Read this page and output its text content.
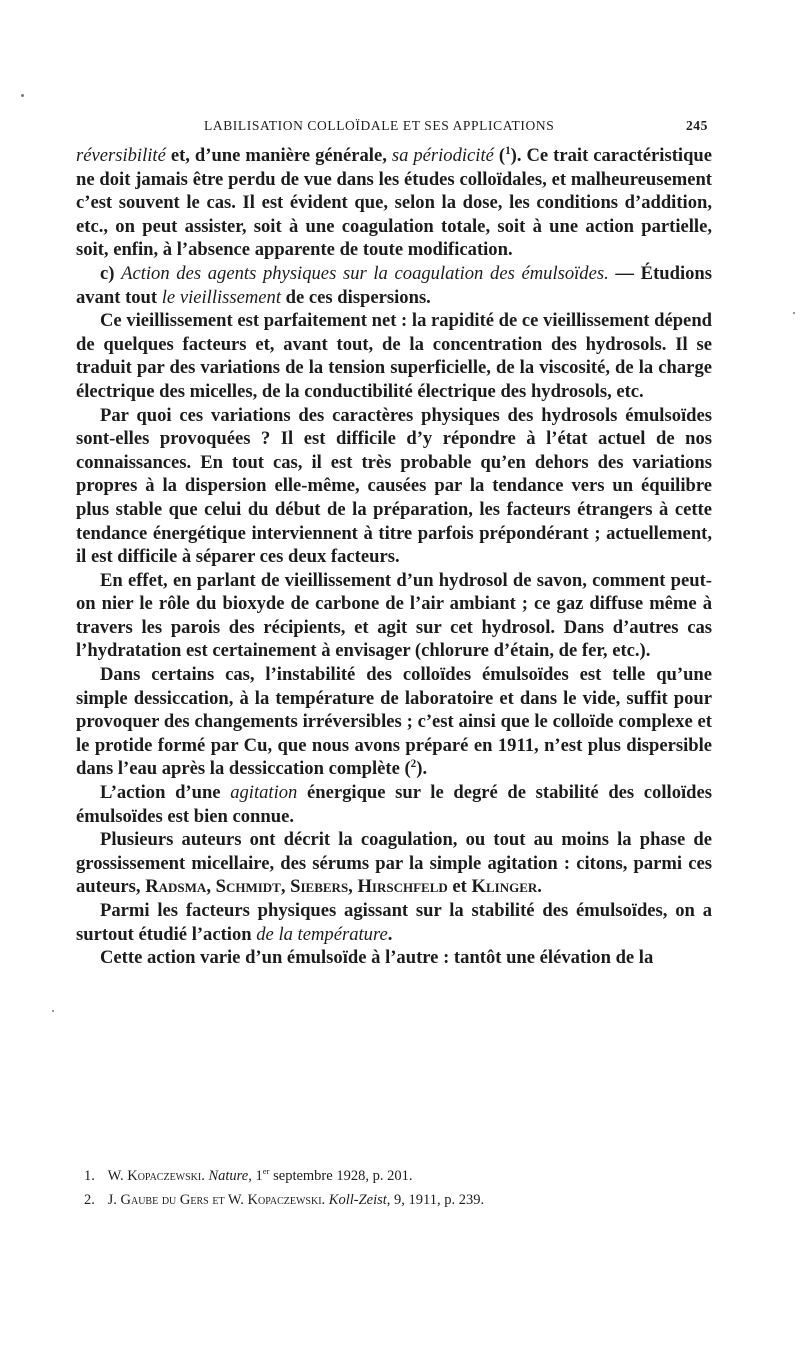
LABILISATION COLLOÏDALE ET SES APPLICATIONS	245

réversibilité et, d’une manière générale, sa périodicité ($^1$). Ce trait caractéristique ne doit jamais être perdu de vue dans les études colloïdales, et malheureusement c’est souvent le cas. Il est évident que, selon la dose, les conditions d’addition, etc., on peut assister, soit à une coagulation totale, soit à une action partielle, soit, enfin, à l’absence apparente de toute modification.

c) Action des agents physiques sur la coagulation des émulsoïdes. — Étudions avant tout le vieillissement de ces dispersions.

Ce vieillissement est parfaitement net : la rapidité de ce vieillissement dépend de quelques facteurs et, avant tout, de la concentration des hydrosols. Il se traduit par des variations de la tension superficielle, de la viscosité, de la charge électrique des micelles, de la conductibilité électrique des hydrosols, etc.

Par quoi ces variations des caractères physiques des hydrosols émulsoïdes sont-elles provoquées ? Il est difficile d’y répondre à l’état actuel de nos connaissances. En tout cas, il est très probable qu’en dehors des variations propres à la dispersion elle-même, causées par la tendance vers un équilibre plus stable que celui du début de la préparation, les facteurs étrangers à cette tendance énergétique interviennent à titre parfois prépondérant ; actuellement, il est difficile à séparer ces deux facteurs.

En effet, en parlant de vieillissement d’un hydrosol de savon, comment peut-on nier le rôle du bioxyde de carbone de l’air ambiant ; ce gaz diffuse même à travers les parois des récipients, et agit sur cet hydrosol. Dans d’autres cas l’hydratation est certainement à envisager (chlorure d’étain, de fer, etc.).

Dans certains cas, l’instabilité des colloïdes émulsoïdes est telle qu’une simple dessiccation, à la température de laboratoire et dans le vide, suffit pour provoquer des changements irréversibles ; c’est ainsi que le colloïde complexe et le protide formé par Cu, que nous avons préparé en 1911, n’est plus dispersible dans l’eau après la dessiccation complète ($^2$).

L’action d’une agitation énergique sur le degré de stabilité des colloïdes émulsoïdes est bien connue.

Plusieurs auteurs ont décrit la coagulation, ou tout au moins la phase de grossissement micellaire, des sérums par la simple agitation : citons, parmi ces auteurs, Radsma, Schmidt, Siebers, Hirschfeld et Klinger.

Parmi les facteurs physiques agissant sur la stabilité des émulsoïdes, on a surtout étudié l’action de la température.

Cette action varie d’un émulsoïde à l’autre : tantôt une élévation de la

1. W. Kopaczewski. Nature, 1er septembre 1928, p. 201.
2. J. Gaube du Gers et W. Kopaczewski. Koll-Zeist, 9, 1911, p. 239.
